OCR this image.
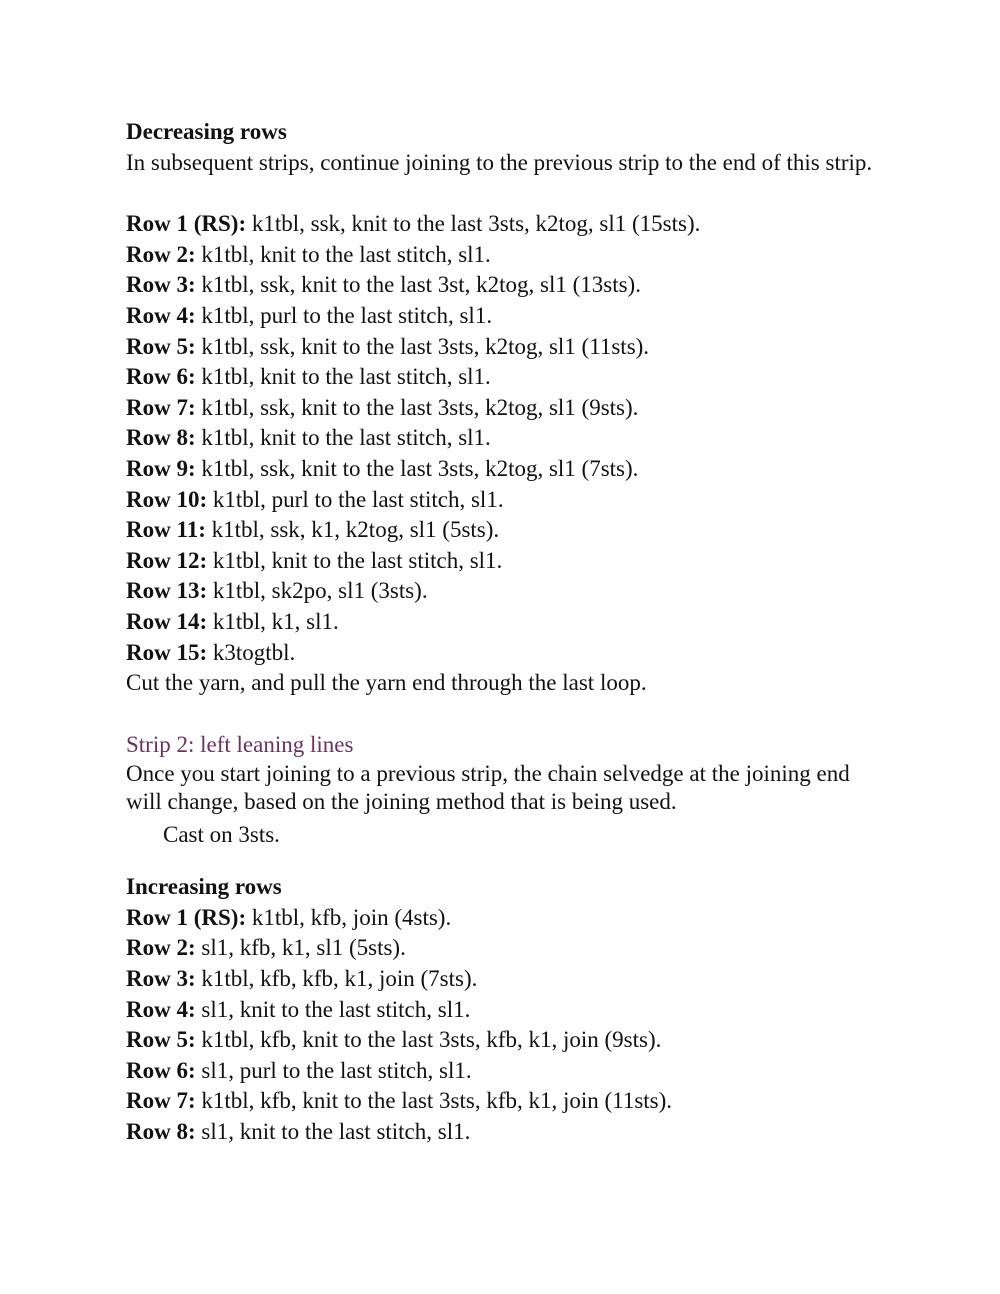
Decreasing rows
In subsequent strips, continue joining to the previous strip to the end of this strip.
Row 1 (RS): k1tbl, ssk, knit to the last 3sts, k2tog, sl1 (15sts).
Row 2: k1tbl, knit to the last stitch, sl1.
Row 3: k1tbl, ssk, knit to the last 3st, k2tog, sl1 (13sts).
Row 4: k1tbl, purl to the last stitch, sl1.
Row 5: k1tbl, ssk, knit to the last 3sts, k2tog, sl1 (11sts).
Row 6: k1tbl, knit to the last stitch, sl1.
Row 7: k1tbl, ssk, knit to the last 3sts, k2tog, sl1 (9sts).
Row 8: k1tbl, knit to the last stitch, sl1.
Row 9: k1tbl, ssk, knit to the last 3sts, k2tog, sl1 (7sts).
Row 10: k1tbl, purl to the last stitch, sl1.
Row 11: k1tbl, ssk, k1, k2tog, sl1 (5sts).
Row 12: k1tbl, knit to the last stitch, sl1.
Row 13: k1tbl, sk2po, sl1 (3sts).
Row 14: k1tbl, k1, sl1.
Row 15: k3togtbl.
Cut the yarn, and pull the yarn end through the last loop.
Strip 2: left leaning lines
Once you start joining to a previous strip, the chain selvedge at the joining end will change, based on the joining method that is being used.
Cast on 3sts.
Increasing rows
Row 1 (RS): k1tbl, kfb, join (4sts).
Row 2: sl1, kfb, k1, sl1 (5sts).
Row 3: k1tbl, kfb, kfb, k1, join (7sts).
Row 4: sl1, knit to the last stitch, sl1.
Row 5: k1tbl, kfb, knit to the last 3sts, kfb, k1, join (9sts).
Row 6: sl1, purl to the last stitch, sl1.
Row 7: k1tbl, kfb, knit to the last 3sts, kfb, k1, join (11sts).
Row 8: sl1, knit to the last stitch, sl1.
